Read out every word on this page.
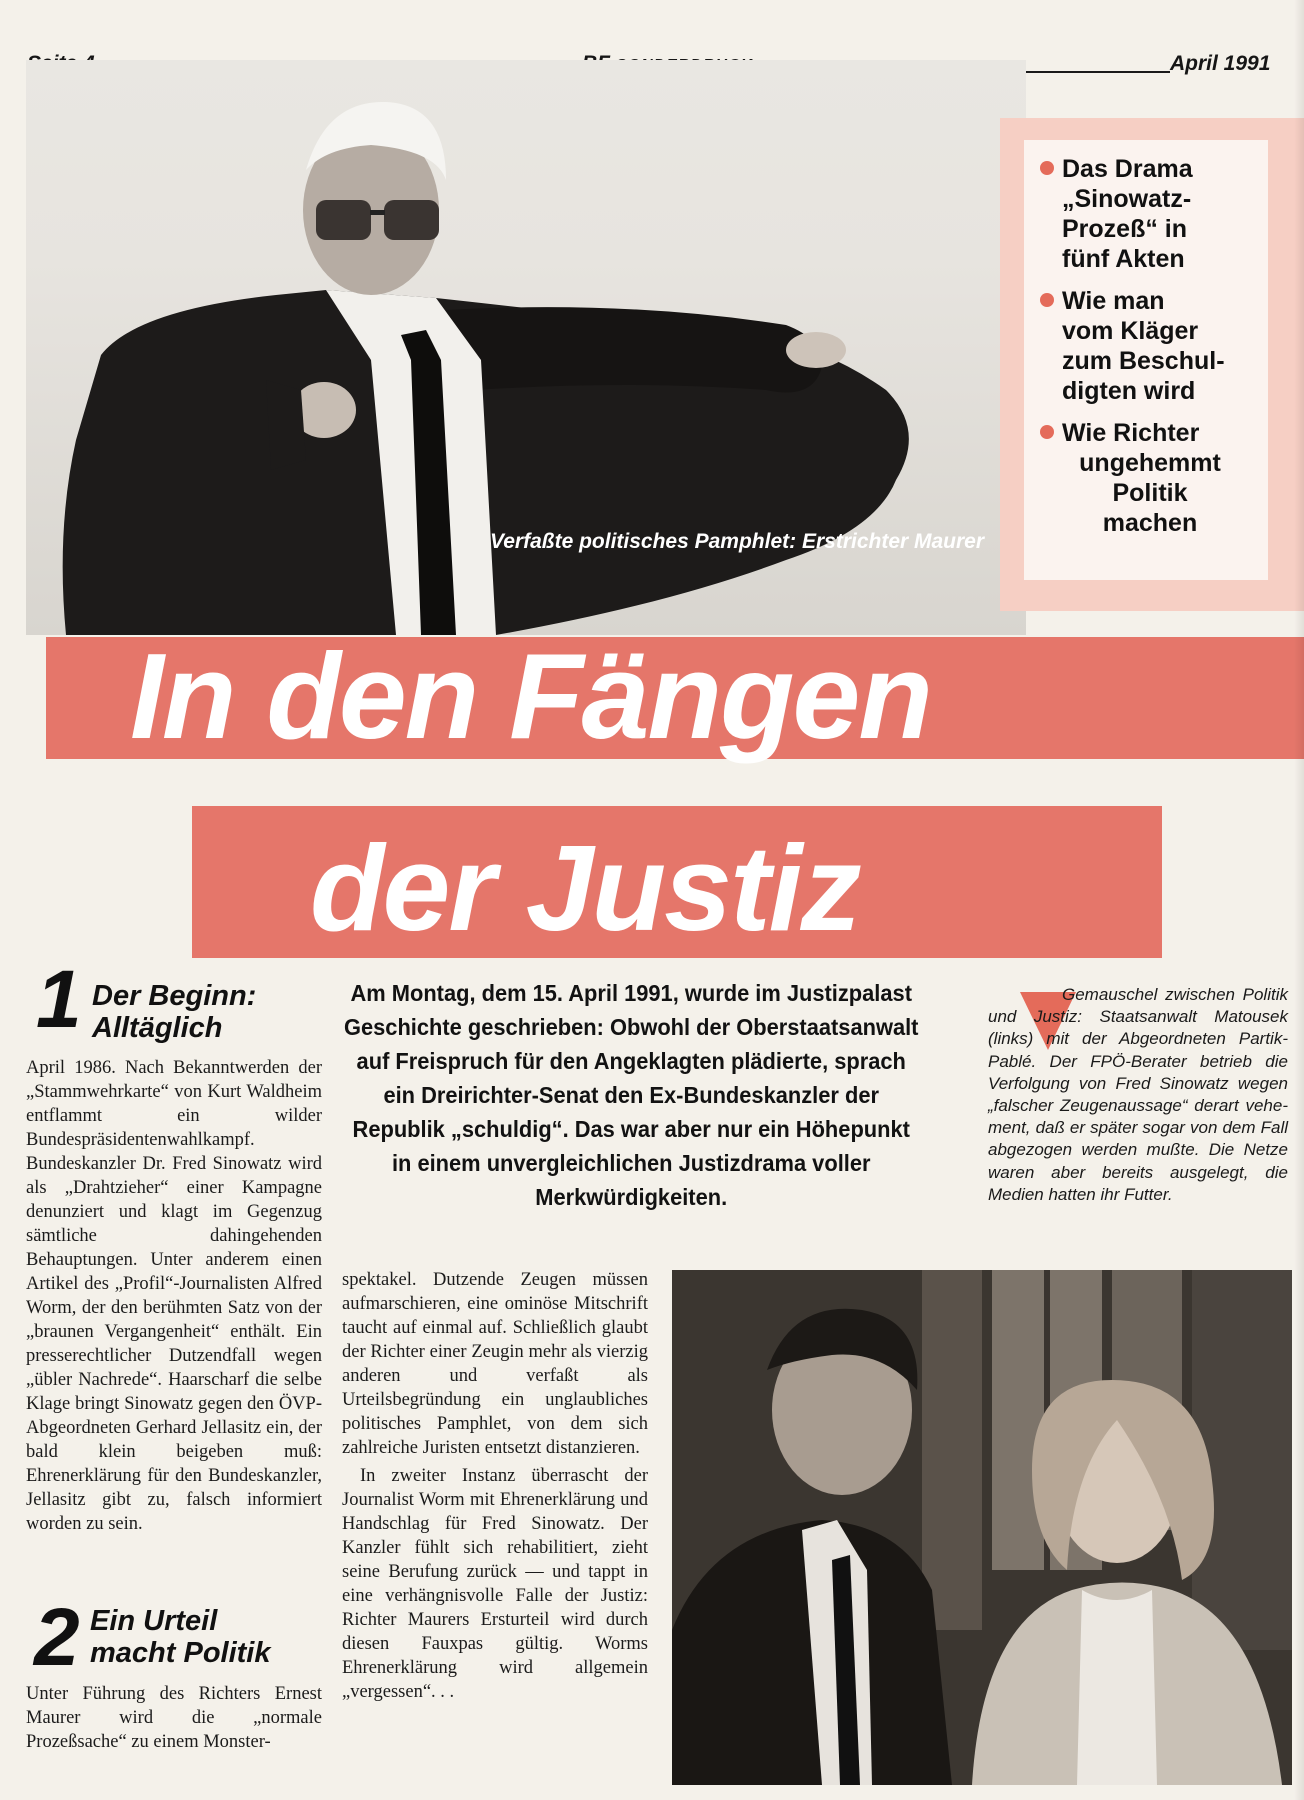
April 1991
Verfaßte politisches Pamphlet: Erstrichter Maurer
Das Drama
„Sinowatz-
Prozeß“ in
fünf Akten
Wie man
vom Kläger
zum Beschul-
digten wird
Wie Richter
ungehemmt
Politik
machen
In den Fängen
der Justiz
1 Der Beginn:
Alltäglich

April 1986. Nach Bekanntwerden der „Stammwehrkarte“ von Kurt Waldheim entflammt ein wilder Bundespräsidentenwahlkampf. Bundeskanzler Dr. Fred Sinowatz wird als „Drahtzieher“ einer Kampagne denunziert und klagt im Gegenzug sämtliche dahingehenden Behauptungen. Unter anderem einen Artikel des „Profil“-Journalisten Alfred Worm, der den berühmten Satz von der „braunen Vergangenheit“ enthält. Ein presserechtlicher Dutzendfall wegen „übler Nachrede“. Haarscharf die selbe Klage bringt Sinowatz gegen den ÖVP-Abgeordneten Gerhard Jellasitz ein, der bald klein beigeben muß: Ehrenerklärung für den Bundeskanzler, Jellasitz gibt zu, falsch informiert worden zu sein.

2 Ein Urteil
macht Politik

Unter Führung des Richters Ernest Maurer wird die „normale Prozeßsache“ zu einem Monster-

Am Montag, dem 15. April 1991, wurde im Justizpalast Geschichte geschrieben: Obwohl der Oberstaatsanwalt auf Freispruch für den Angeklagten plädierte, sprach ein Dreirichter-Senat den Ex-Bundeskanzler der Republik „schuldig“. Das war aber nur ein Höhepunkt in einem unvergleichlichen Justizdrama voller Merkwürdigkeiten.
Gemauschel zwischen Politik und Justiz: Staatsanwalt Matousek (links) mit der Abgeordneten Partik-Pablé. Der FPÖ-Berater betrieb die Verfolgung von Fred Sinowatz wegen „falscher Zeugenaussage“ derart vehement, daß er später sogar von dem Fall abgezogen werden mußte. Die Netze waren aber bereits ausgelegt, die Medien hatten ihr Futter.

spektakel. Dutzende Zeugen müssen aufmarschieren, eine ominöse Mitschrift taucht auf einmal auf. Schließlich glaubt der Richter einer Zeugin mehr als vierzig anderen und verfaßt als Urteilsbegründung ein unglaubliches politisches Pamphlet, von dem sich zahlreiche Juristen entsetzt distanzieren.

In zweiter Instanz überrascht der Journalist Worm mit Ehrenerklärung und Handschlag für Fred Sinowatz. Der Kanzler fühlt sich rehabilitiert, zieht seine Berufung zurück — und tappt in eine verhängnisvolle Falle der Justiz: Richter Maurers Ersturteil wird durch diesen Fauxpas gültig. Worms Ehrenerklärung wird allgemein „vergessen“. . .
